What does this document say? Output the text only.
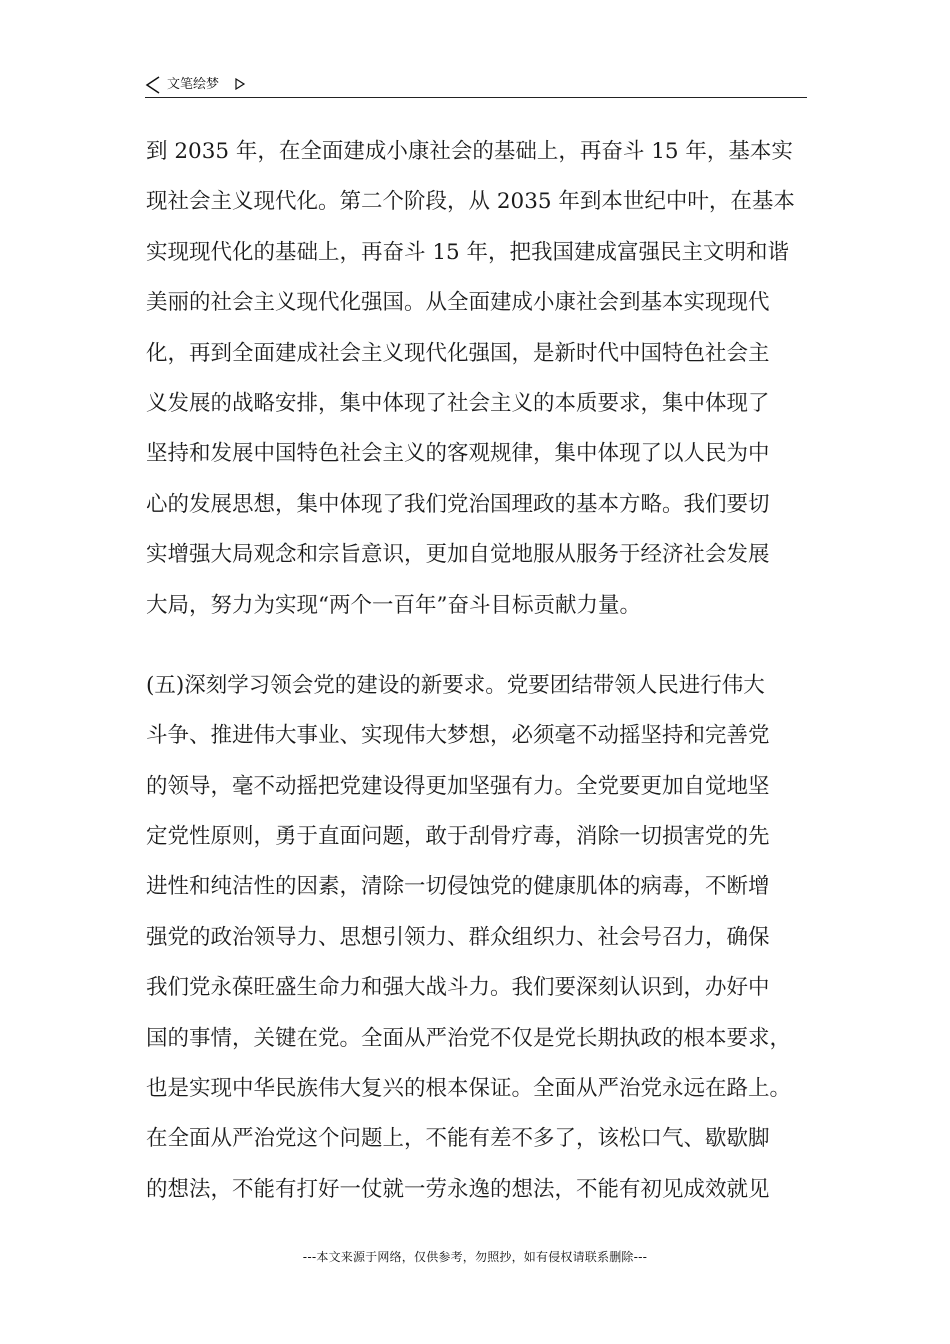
文笔绘梦
到 2035 年，在全面建成小康社会的基础上，再奋斗 15 年，基本实
现社会主义现代化。第二个阶段，从 2035 年到本世纪中叶，在基本
实现现代化的基础上，再奋斗 15 年，把我国建成富强民主文明和谐
美丽的社会主义现代化强国。从全面建成小康社会到基本实现现代
化，再到全面建成社会主义现代化强国，是新时代中国特色社会主
义发展的战略安排，集中体现了社会主义的本质要求，集中体现了
坚持和发展中国特色社会主义的客观规律，集中体现了以人民为中
心的发展思想，集中体现了我们党治国理政的基本方略。我们要切
实增强大局观念和宗旨意识，更加自觉地服从服务于经济社会发展
大局，努力为实现“两个一百年”奋斗目标贡献力量。
(五)深刻学习领会党的建设的新要求。党要团结带领人民进行伟大
斗争、推进伟大事业、实现伟大梦想，必须毫不动摇坚持和完善党
的领导，毫不动摇把党建设得更加坚强有力。全党要更加自觉地坚
定党性原则，勇于直面问题，敢于刮骨疗毒，消除一切损害党的先
进性和纯洁性的因素，清除一切侵蚀党的健康肌体的病毒，不断增
强党的政治领导力、思想引领力、群众组织力、社会号召力，确保
我们党永葆旺盛生命力和强大战斗力。我们要深刻认识到，办好中
国的事情，关键在党。全面从严治党不仅是党长期执政的根本要求，
也是实现中华民族伟大复兴的根本保证。全面从严治党永远在路上。
在全面从严治党这个问题上，不能有差不多了，该松口气、歇歇脚
的想法，不能有打好一仗就一劳永逸的想法，不能有初见成效就见
---本文来源于网络，仅供参考，勿照抄，如有侵权请联系删除---
